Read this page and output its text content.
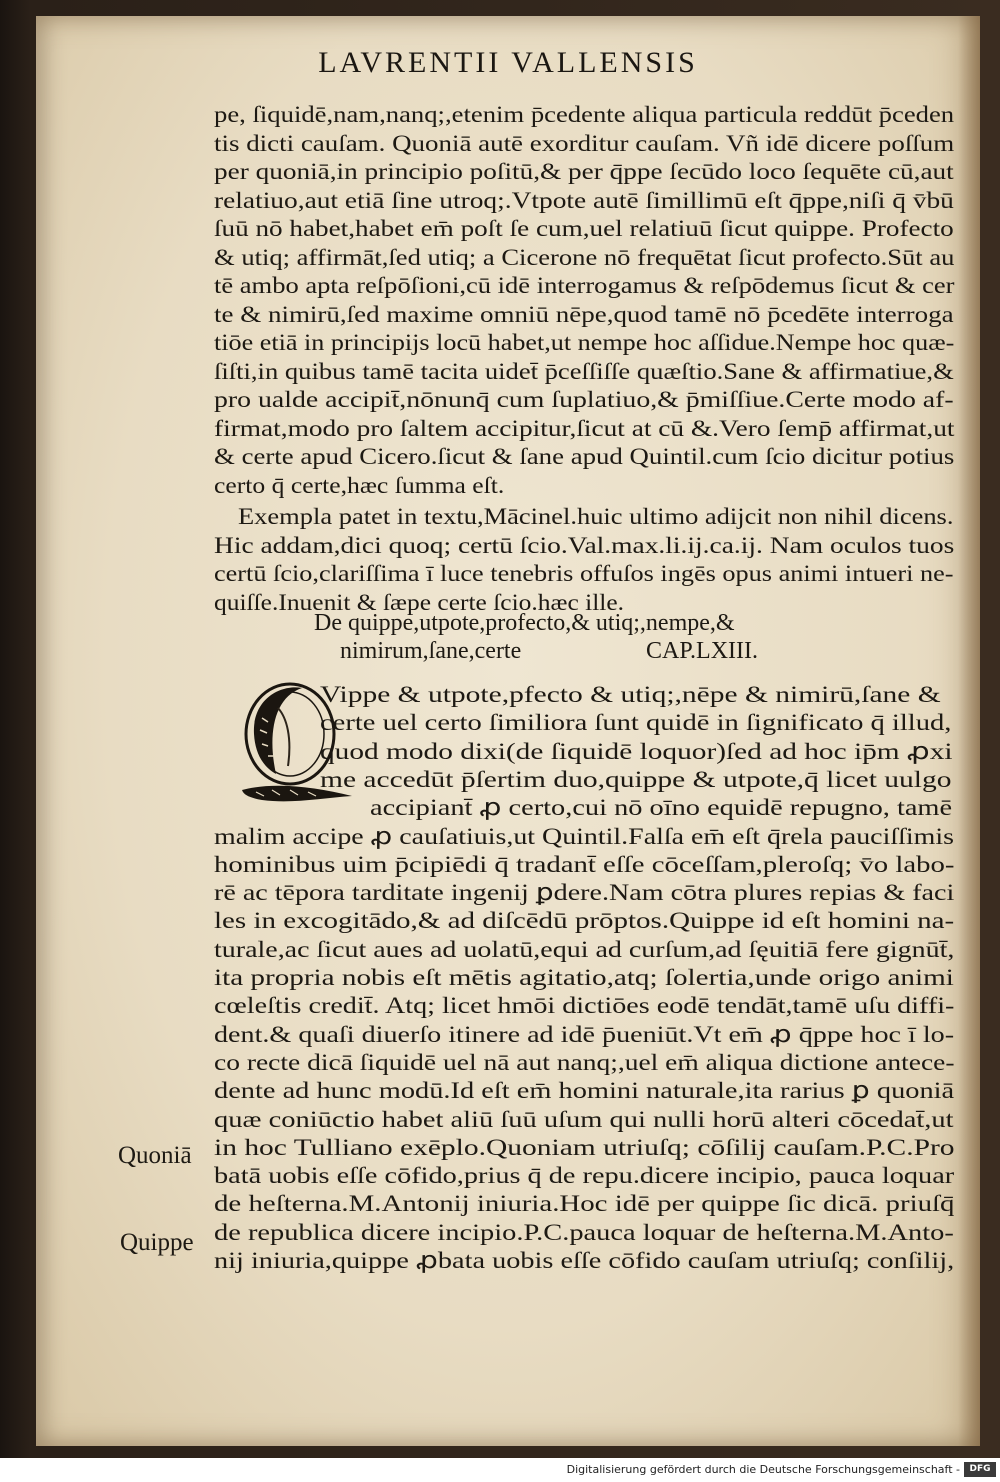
LAVRENTII VALLENSIS
pe, ſiquidē,nam,nanq;,etenim p̄cedente aliqua particula reddūt p̄ceden
tis dicti cauſam. Quoniā autē exorditur cauſam. Vñ idē dicere poſſum
per quoniā,in principio poſitū,& per q̄ppe ſecūdo loco ſequēte cū,aut
relatiuo,aut etiā ſine utroq;.Vtpote autē ſimillimū eſt q̄ppe,niſi q̄ v̄bū
ſuū nō habet,habet em̄ poſt ſe cum,uel relatiuū ſicut quippe. Profecto
& utiq; affirmāt,ſed utiq; a Cicerone nō frequētat ſicut profecto.Sūt au
tē ambo apta reſpōſioni,cū idē interrogamus & reſpōdemus ſicut & cer
te & nimirū,ſed maxime omniū nēpe,quod tamē nō p̄cedēte interroga
tiōe etiā in principijs locū habet,ut nempe hoc aſſidue.Nempe hoc quæ-
ſiſti,in quibus tamē tacita uidet̄ p̄ceſſiſſe quæſtio.Sane & affirmatiue,&
pro ualde accipit̄,nōnunq̄ cum ſuplatiuo,& p̄miſſiue.Certe modo af-
firmat,modo pro ſaltem accipitur,ſicut at cū &.Vero ſemp̄ affirmat,ut
& certe apud Cicero.ſicut & ſane apud Quintil.cum ſcio dicitur potius
certo q̄ certe,hæc ſumma eſt.
Exempla patet in textu,Mācinel.huic ultimo adijcit non nihil dicens.
Hic addam,dici quoq; certū ſcio.Val.max.li.ij.ca.ij. Nam oculos tuos
certū ſcio,clariſſima ī luce tenebris offuſos ingēs opus animi intueri ne-
quiſſe.Inuenit & ſæpe certe ſcio.hæc ille.
Vippe & utpote,pfecto & utiq;,nēpe & nimirū,ſane &
certe uel certo ſimiliora ſunt quidē in ſignificato q̄ illud,
quod modo dixi(de ſiquidē loquor)ſed ad hoc ip̄m ꝓxi
me accedūt p̄ſertim duo,quippe & utpote,q̄ licet uulgo
accipiant̄ ꝓ certo,cui nō oīno equidē repugno, tamē
malim accipe ꝓ cauſatiuis,ut Quintil.Falſa em̄ eſt q̄rela pauciſſimis
hominibus uim p̄cipiēdi q̄ tradant̄ eſſe cōceſſam,pleroſq; v̄o labo-
rē ac tēpora tarditate ingenij ꝑdere.Nam cōtra plures repias & faci
les in excogitādo,& ad diſcēdū prōptos.Quippe id eſt homini na-
turale,ac ſicut aues ad uolatū,equi ad curſum,ad ſęuitiā fere gignūt̄,
ita propria nobis eſt mētis agitatio,atq; ſolertia,unde origo animi
cœleſtis credit̄. Atq; licet hmōi dictiōes eodē tendāt,tamē uſu diffi-
dent.& quaſi diuerſo itinere ad idē p̄ueniūt.Vt em̄ ꝓ q̄ppe hoc ī lo-
co recte dicā ſiquidē uel nā aut nanq;,uel em̄ aliqua dictione antece-
dente ad hunc modū.Id eſt em̄ homini naturale,ita rarius ꝑ quoniā
quæ coniūctio habet aliū ſuū uſum qui nulli horū alteri cōcedat̄,ut
in hoc Tulliano exēplo.Quoniam utriuſq; cōſilij cauſam.P.C.Pro
batā uobis eſſe cōfido,prius q̄ de repu.dicere incipio, pauca loquar
de heſterna.M.Antonij iniuria.Hoc idē per quippe ſic dicā. priuſq̄
de republica dicere incipio.P.C.pauca loquar de heſterna.M.Anto-
nij iniuria,quippe ꝓbata uobis eſſe cōfido cauſam utriuſq; conſilij,
De quippe,utpote,profecto,& utiq;,nempe,&
nimirum,ſane,certe	CAP.LXIII.
Quoniā
Quippe
Digitalisierung gefördert durch die Deutsche Forschungsgemeinschaft -	DFG
